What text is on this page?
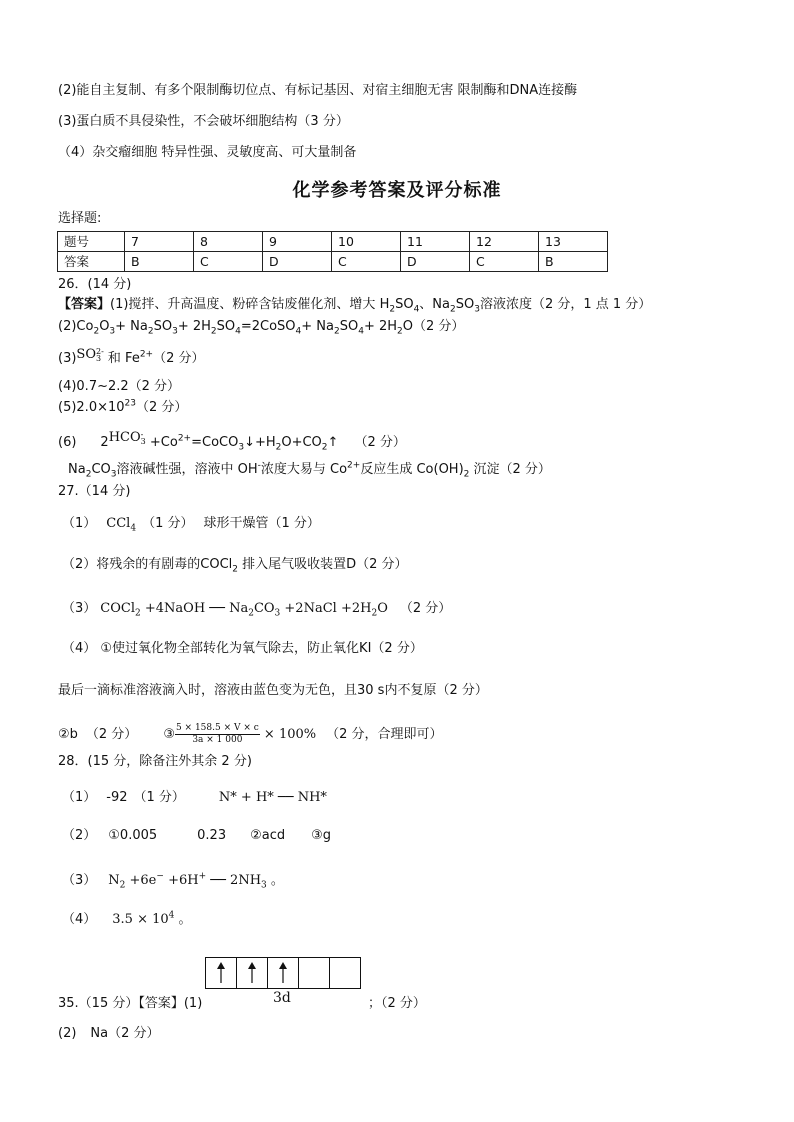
(2)能自主复制、有多个限制酶切位点、有标记基因、对宿主细胞无害 限制酶和DNA连接酶
(3)蛋白质不具侵染性，不会破坏细胞结构（3 分）
（4）杂交瘤细胞 特异性强、灵敏度高、可大量制备
化学参考答案及评分标准
选择题:
题号	7	8	9	10	11	12	13
答案	B	C	D	C	D	C	B
26．(14 分)
【答案】(1)搅拌、升高温度、粉碎含钴废催化剂、增大 $H_2SO_4$、$Na_2SO_3$溶液浓度（2 分，1 点 1 分）
$(2)Co_2O_3+ Na_2SO_3+$ $2H_2SO_4=2CoSO_4+ Na_2SO_4+ 2H_2O(2$ 分）
(3)SO 2-
3 和 $Fe^{2+}(2$ 分）
(4)0.7~2.2（2 分）
$(5)2.0\times 10^{23}(2$ 分）
(6) 2HCO -
$3 +Co^{2+}=CoCO_3↓+H_2O+CO_2↑$ （2 分）
$Na_2CO_3$溶液碱性强，溶液中 OH-浓度大易与 $Co^{2+}$反应生成 $Co(OH)_2$ 沉淀（2 分）
27.（14 分)
（1） CCl$_4$ （1 分） 球形干燥管（1 分）
（2）将残余的有剧毒的COCl$_2$ 排入尾气吸收装置D（2 分）
（3） COCl$_2$ +4NaOH ── $Na_2CO_3$ +2NaCl $+2H_2O$ （2 分）
（4） ①使过氧化物全部转化为氧气除去，防止氧化KI（2 分）
最后一滴标准溶液滴入时，溶液由蓝色变为无色，且30 s内不复原（2 分）
②b （2 分） ③ $\frac{5 \times 158.5 \times V \times c}{3a \times 1 000} \times 100\%$ （2 分，合理即可）
28．(15 分，除备注外其余 2 分)
（1） -92 （1 分）	N* + H* ── NH*
（2） ①0.005	0.23 ②acd ③g
（3） $N_2 +6e^- +6H^+$ ── $2NH_3$ 。
（4） $3.5 \times 10^4$ 。
3d
35.（15 分）【答案】(1)	；（2 分）
(2) Na（2 分）
